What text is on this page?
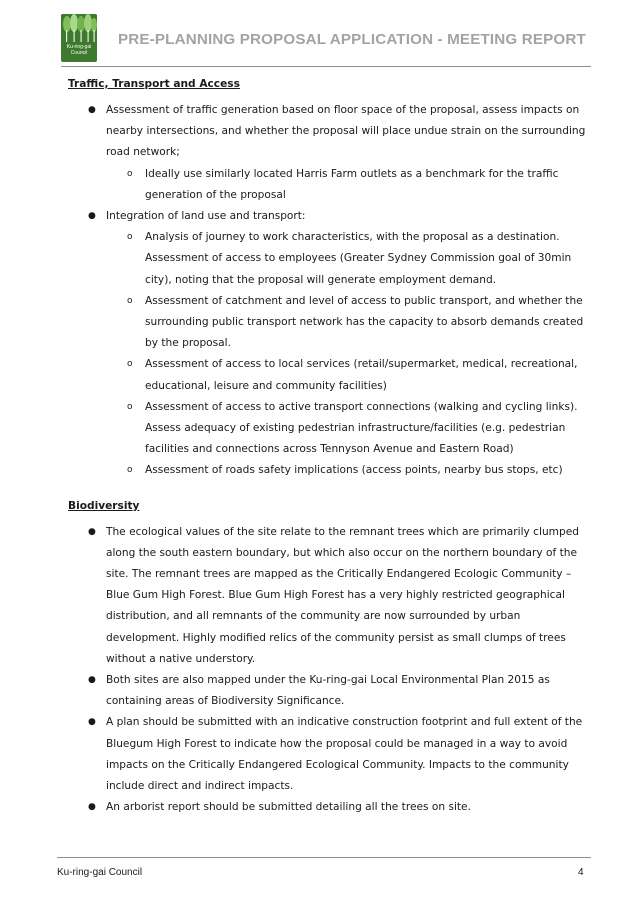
Ku-ring-gai
Council
PRE-PLANNING PROPOSAL APPLICATION - MEETING REPORT

Traffic, Transport and Access

● Assessment of traffic generation based on floor space of the proposal, assess impacts on nearby intersections, and whether the proposal will place undue strain on the surrounding road network;
o Ideally use similarly located Harris Farm outlets as a benchmark for the traffic generation of the proposal
● Integration of land use and transport:
o Analysis of journey to work characteristics, with the proposal as a destination. Assessment of access to employees (Greater Sydney Commission goal of 30min city), noting that the proposal will generate employment demand.
o Assessment of catchment and level of access to public transport, and whether the surrounding public transport network has the capacity to absorb demands created by the proposal.
o Assessment of access to local services (retail/supermarket, medical, recreational, educational, leisure and community facilities)
o Assessment of access to active transport connections (walking and cycling links). Assess adequacy of existing pedestrian infrastructure/facilities (e.g. pedestrian facilities and connections across Tennyson Avenue and Eastern Road)
o Assessment of roads safety implications (access points, nearby bus stops, etc)

Biodiversity

● The ecological values of the site relate to the remnant trees which are primarily clumped along the south eastern boundary, but which also occur on the northern boundary of the site. The remnant trees are mapped as the Critically Endangered Ecologic Community – Blue Gum High Forest. Blue Gum High Forest has a very highly restricted geographical distribution, and all remnants of the community are now surrounded by urban development. Highly modified relics of the community persist as small clumps of trees without a native understory.
● Both sites are also mapped under the Ku-ring-gai Local Environmental Plan 2015 as containing areas of Biodiversity Significance.
● A plan should be submitted with an indicative construction footprint and full extent of the Bluegum High Forest to indicate how the proposal could be managed in a way to avoid impacts on the Critically Endangered Ecological Community. Impacts to the community include direct and indirect impacts.
● An arborist report should be submitted detailing all the trees on site.
Ku-ring-gai Council	4
